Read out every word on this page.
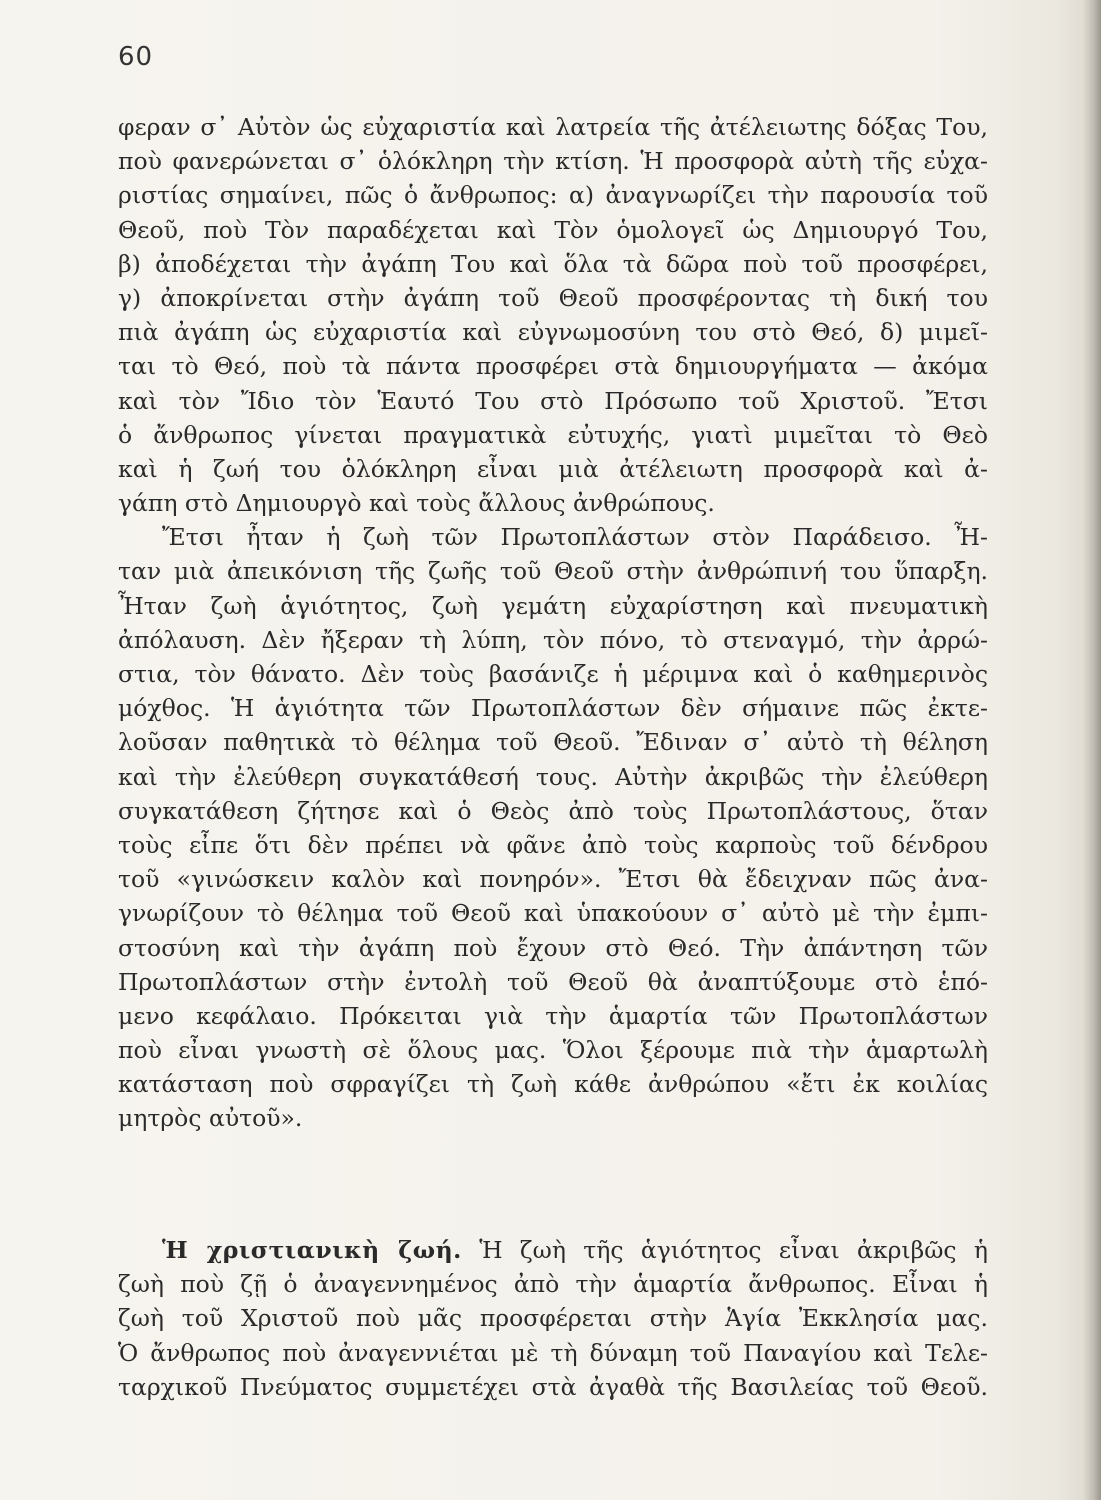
60
φεραν σ᾿ Αὐτὸν ὡς εὐχαριστία καὶ λατρεία τῆς ἀτέλειωτης δόξας Του,
ποὺ φανερώνεται σ᾿ ὁλόκληρη τὴν κτίση. Ἡ προσφορὰ αὐτὴ τῆς εὐχα-
ριστίας σημαίνει, πῶς ὁ ἄνθρωπος: α) ἀναγνωρίζει τὴν παρουσία τοῦ
Θεοῦ, ποὺ Τὸν παραδέχεται καὶ Τὸν ὁμολογεῖ ὡς Δημιουργό Του,
β) ἀποδέχεται τὴν ἀγάπη Του καὶ ὅλα τὰ δῶρα ποὺ τοῦ προσφέρει,
γ) ἀποκρίνεται στὴν ἀγάπη τοῦ Θεοῦ προσφέροντας τὴ δική του
πιὰ ἀγάπη ὡς εὐχαριστία καὶ εὐγνωμοσύνη του στὸ Θεό, δ) μιμεῖ-
ται τὸ Θεό, ποὺ τὰ πάντα προσφέρει στὰ δημιουργήματα — ἀκόμα
καὶ τὸν Ἴδιο τὸν Ἑαυτό Του στὸ Πρόσωπο τοῦ Χριστοῦ. Ἔτσι
ὁ ἄνθρωπος γίνεται πραγματικὰ εὐτυχής, γιατὶ μιμεῖται τὸ Θεὸ
καὶ ἡ ζωή του ὁλόκληρη εἶναι μιὰ ἀτέλειωτη προσφορὰ καὶ ἀ-
γάπη στὸ Δημιουργὸ καὶ τοὺς ἄλλους ἀνθρώπους.
Ἔτσι ἦταν ἡ ζωὴ τῶν Πρωτοπλάστων στὸν Παράδεισο. Ἦ-
ταν μιὰ ἀπεικόνιση τῆς ζωῆς τοῦ Θεοῦ στὴν ἀνθρώπινή του ὕπαρξη.
Ἦταν ζωὴ ἁγιότητος, ζωὴ γεμάτη εὐχαρίστηση καὶ πνευματικὴ
ἀπόλαυση. Δὲν ἤξεραν τὴ λύπη, τὸν πόνο, τὸ στεναγμό, τὴν ἀρρώ-
στια, τὸν θάνατο. Δὲν τοὺς βασάνιζε ἡ μέριμνα καὶ ὁ καθημερινὸς
μόχθος. Ἡ ἁγιότητα τῶν Πρωτοπλάστων δὲν σήμαινε πῶς ἐκτε-
λοῦσαν παθητικὰ τὸ θέλημα τοῦ Θεοῦ. Ἔδιναν σ᾿ αὐτὸ τὴ θέληση
καὶ τὴν ἐλεύθερη συγκατάθεσή τους. Αὐτὴν ἀκριβῶς τὴν ἐλεύθερη
συγκατάθεση ζήτησε καὶ ὁ Θεὸς ἀπὸ τοὺς Πρωτοπλάστους, ὅταν
τοὺς εἶπε ὅτι δὲν πρέπει νὰ φᾶνε ἀπὸ τοὺς καρποὺς τοῦ δένδρου
τοῦ «γινώσκειν καλὸν καὶ πονηρόν». Ἔτσι θὰ ἔδειχναν πῶς ἀνα-
γνωρίζουν τὸ θέλημα τοῦ Θεοῦ καὶ ὑπακούουν σ᾿ αὐτὸ μὲ τὴν ἐμπι-
στοσύνη καὶ τὴν ἀγάπη ποὺ ἔχουν στὸ Θεό. Τὴν ἀπάντηση τῶν
Πρωτοπλάστων στὴν ἐντολὴ τοῦ Θεοῦ θὰ ἀναπτύξουμε στὸ ἑπό-
μενο κεφάλαιο. Πρόκειται γιὰ τὴν ἁμαρτία τῶν Πρωτοπλάστων
ποὺ εἶναι γνωστὴ σὲ ὅλους μας. Ὅλοι ξέρουμε πιὰ τὴν ἁμαρτωλὴ
κατάσταση ποὺ σφραγίζει τὴ ζωὴ κάθε ἀνθρώπου «ἔτι ἐκ κοιλίας
μητρὸς αὐτοῦ».
Ἡ χριστιανικὴ ζωή. Ἡ ζωὴ τῆς ἁγιότητος εἶναι ἀκριβῶς ἡ
ζωὴ ποὺ ζῇ ὁ ἀναγεννημένος ἀπὸ τὴν ἁμαρτία ἄνθρωπος. Εἶναι ἡ
ζωὴ τοῦ Χριστοῦ ποὺ μᾶς προσφέρεται στὴν Ἁγία Ἐκκλησία μας.
Ὁ ἄνθρωπος ποὺ ἀναγεννιέται μὲ τὴ δύναμη τοῦ Παναγίου καὶ Τελε-
ταρχικοῦ Πνεύματος συμμετέχει στὰ ἀγαθὰ τῆς Βασιλείας τοῦ Θεοῦ.
